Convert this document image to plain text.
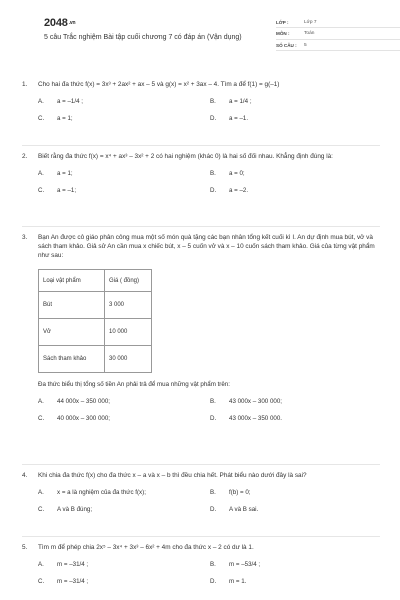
2048.vn
5 câu Trắc nghiệm Bài tập cuối chương 7 có đáp án (Vận dụng)
LỚP :	Lớp 7
MÔN :	Toán
SỐ CÂU :	5
1.	Cho hai đa thức f(x) = 3x³ + 2ax² + ax – 5 và g(x) = x² + 3ax – 4. Tìm a để f(1) = g(–1)
A.	a = –1/4 ;	B.	a = 1/4 ;
C.	a = 1;	D.	a = –1.
2.	Biết rằng đa thức f(x) = x⁴ + ax³ – 3x² + 2 có hai nghiệm (khác 0) là hai số đối nhau. Khẳng định đúng là:
A.	a = 1;	B.	a = 0;
C.	a = –1;	D.	a = –2.
3.	Bạn An được cô giáo phân công mua một số món quà tặng các bạn nhân tổng kết cuối kì I. An dự định mua bút, vở và sách tham khảo. Giả sử An cần mua x chiếc bút, x – 5 cuốn vở và x – 10 cuốn sách tham khảo. Giá của từng vật phẩm như sau:
Loại vật phẩm	Giá ( đồng)
Bút	3 000
Vở	10 000
Sách tham khảo	30 000
Đa thức biểu thị tổng số tiền An phải trả để mua những vật phẩm trên:
A.	44 000x – 350 000;	B.	43 000x – 300 000;
C.	40 000x – 300 000;	D.	43 000x – 350 000.
4.	Khi chia đa thức f(x) cho đa thức x – a và x – b thì đều chia hết. Phát biểu nào dưới đây là sai?
A.	x = a là nghiệm của đa thức f(x);	B.	f(b) = 0;
C.	A và B đúng;	D.	A và B sai.
5.	Tìm m để phép chia 2x⁵ – 3x⁴ + 3x³ – 6x² + 4m cho đa thức x – 2 có dư là 1.
A.	m = –31/4 ;	B.	m = –53/4 ;
C.	m = –31/4 ;	D.	m = 1.
